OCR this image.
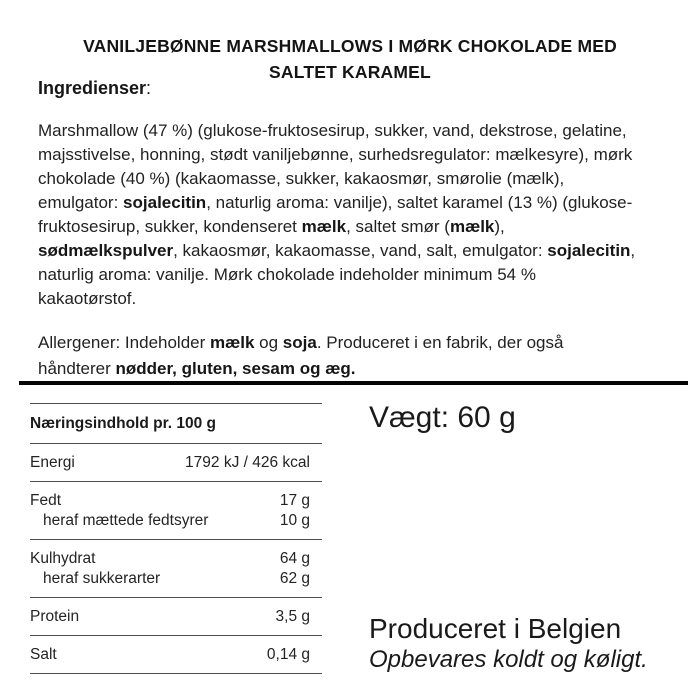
VANILJEBØNNE MARSHMALLOWS I MØRK CHOKOLADE MED
SALTET KARAMEL
Ingredienser:

Marshmallow (47 %) (glukose-fruktosesirup, sukker, vand, dekstrose, gelatine,
majsstivelse, honning, stødt vaniljebønne, surhedsregulator: mælkesyre), mørk
chokolade (40 %) (kakaomasse, sukker, kakaosmør, smørolie (mælk),
emulgator: sojalecitin, naturlig aroma: vanilje), saltet karamel (13 %) (glukose-
fruktosesirup, sukker, kondenseret mælk, saltet smør (mælk),
sødmælkspulver, kakaosmør, kakaomasse, vand, salt, emulgator: sojalecitin,
naturlig aroma: vanilje. Mørk chokolade indeholder minimum 54 %
kakaotørstof.

Allergener: Indeholder mælk og soja. Produceret i en fabrik, der også
håndterer nødder, gluten, sesam og æg.

Næringsindhold pr. 100 g
Energi	1792 kJ / 426 kcal
Fedt	17 g
heraf mættede fedtsyrer	10 g
Kulhydrat	64 g
heraf sukkerarter	62 g
Protein	3,5 g
Salt	0,14 g
Vægt: 60 g
Produceret i Belgien
Opbevares koldt og køligt.
